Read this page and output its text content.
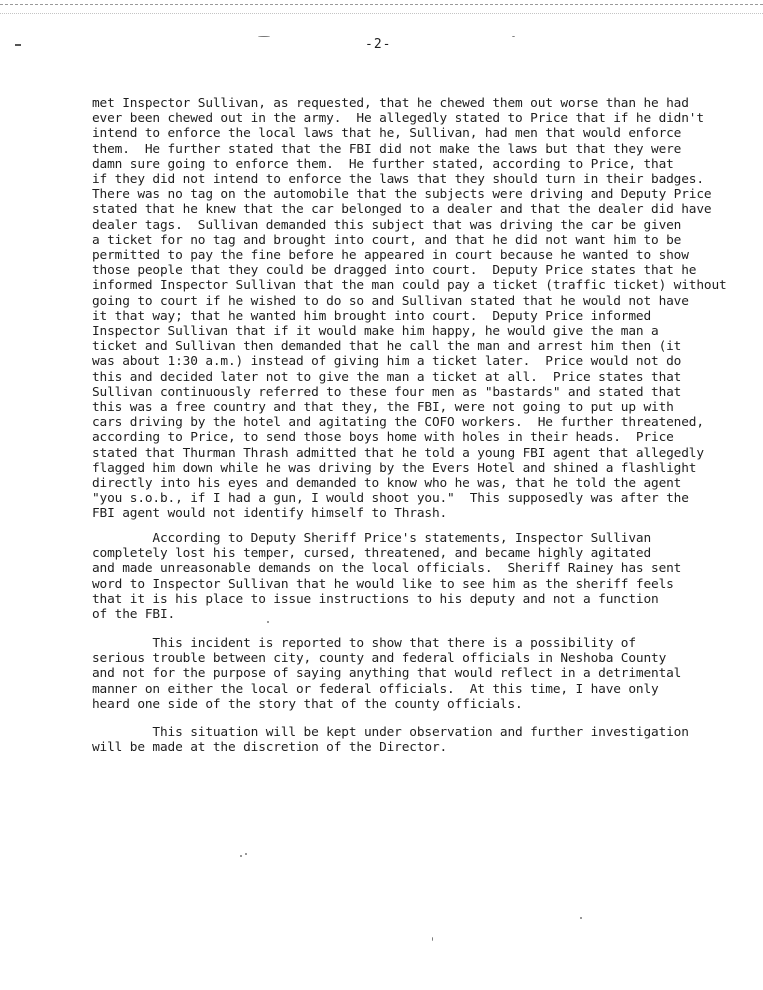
-2-
met Inspector Sullivan, as requested, that he chewed them out worse than he had
ever been chewed out in the army.  He allegedly stated to Price that if he didn't
intend to enforce the local laws that he, Sullivan, had men that would enforce
them.  He further stated that the FBI did not make the laws but that they were
damn sure going to enforce them.  He further stated, according to Price, that
if they did not intend to enforce the laws that they should turn in their badges.
There was no tag on the automobile that the subjects were driving and Deputy Price
stated that he knew that the car belonged to a dealer and that the dealer did have
dealer tags.  Sullivan demanded this subject that was driving the car be given
a ticket for no tag and brought into court, and that he did not want him to be
permitted to pay the fine before he appeared in court because he wanted to show
those people that they could be dragged into court.  Deputy Price states that he
informed Inspector Sullivan that the man could pay a ticket (traffic ticket) without
going to court if he wished to do so and Sullivan stated that he would not have
it that way; that he wanted him brought into court.  Deputy Price informed
Inspector Sullivan that if it would make him happy, he would give the man a
ticket and Sullivan then demanded that he call the man and arrest him then (it
was about 1:30 a.m.) instead of giving him a ticket later.  Price would not do
this and decided later not to give the man a ticket at all.  Price states that
Sullivan continuously referred to these four men as "bastards" and stated that
this was a free country and that they, the FBI, were not going to put up with
cars driving by the hotel and agitating the COFO workers.  He further threatened,
according to Price, to send those boys home with holes in their heads.  Price
stated that Thurman Thrash admitted that he told a young FBI agent that allegedly
flagged him down while he was driving by the Evers Hotel and shined a flashlight
directly into his eyes and demanded to know who he was, that he told the agent
"you s.o.b., if I had a gun, I would shoot you."  This supposedly was after the
FBI agent would not identify himself to Thrash.
According to Deputy Sheriff Price's statements, Inspector Sullivan
completely lost his temper, cursed, threatened, and became highly agitated
and made unreasonable demands on the local officials.  Sheriff Rainey has sent
word to Inspector Sullivan that he would like to see him as the sheriff feels
that it is his place to issue instructions to his deputy and not a function
of the FBI.
This incident is reported to show that there is a possibility of
serious trouble between city, county and federal officials in Neshoba County
and not for the purpose of saying anything that would reflect in a detrimental
manner on either the local or federal officials.  At this time, I have only
heard one side of the story that of the county officials.
This situation will be kept under observation and further investigation
will be made at the discretion of the Director.
